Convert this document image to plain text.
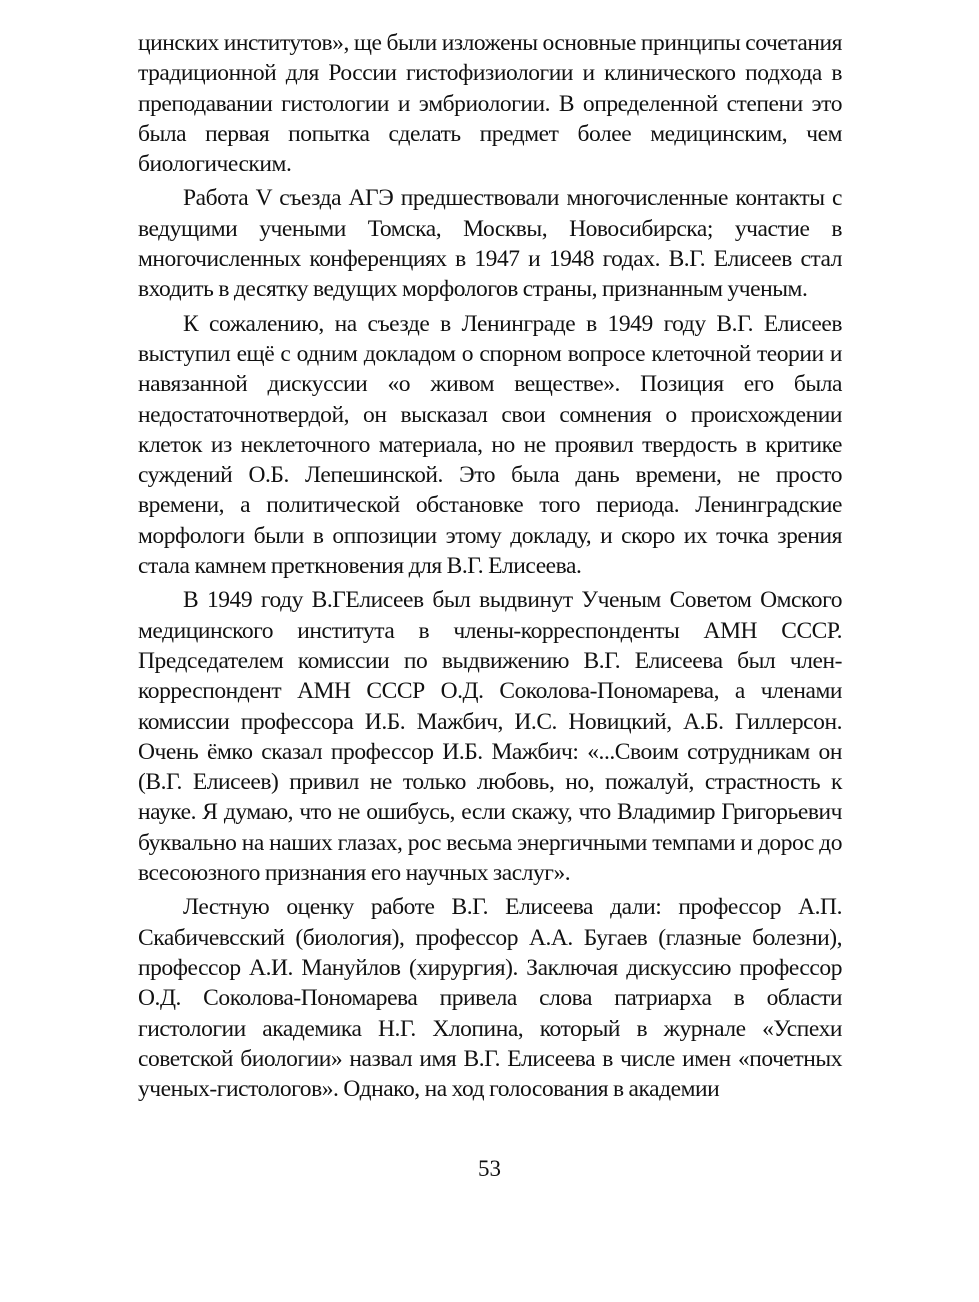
цинских институтов», ще были изложены основные принципы сочетания традиционной для России гистофизиологии и клинического подхода в преподавании гистологии и эмбриологии. В определенной степени это была первая попытка сделать предмет более медицинским, чем биологическим.

Работа V съезда АГЭ предшествовали многочисленные контакты с ведущими учеными Томска, Москвы, Новосибирска; участие в многочисленных конференциях в 1947 и 1948 годах. В.Г. Елисеев стал входить в десятку ведущих морфологов страны, признанным ученым.

К сожалению, на съезде в Ленинграде в 1949 году В.Г. Елисеев выступил ещё с одним докладом о спорном вопросе клеточной теории и навязанной дискуссии «о живом веществе». Позиция его была недостаточнотвердой, он высказал свои сомнения о происхождении клеток из неклеточного материала, но не проявил твердость в критике суждений О.Б. Лепешинской. Это была дань времени, не просто времени, а политической обстановке того периода. Ленинградские морфологи были в оппозиции этому докладу, и скоро их точка зрения стала камнем преткновения для В.Г. Елисеева.

В 1949 году В.ГЕлисеев был выдвинут Ученым Советом Омского медицинского института в члены-корреспонденты АМН СССР. Председателем комиссии по выдвижению В.Г. Елисеева был член-корреспондент АМН СССР О.Д. Соколова-Пономарева, а членами комиссии профессора И.Б. Мажбич, И.С. Новицкий, А.Б. Гиллерсон. Очень ёмко сказал профессор И.Б. Мажбич: «...Своим сотрудникам он (В.Г. Елисеев) привил не только любовь, но, пожалуй, страстность к науке. Я думаю, что не ошибусь, если скажу, что Владимир Григорьевич буквально на наших глазах, рос весьма энергичными темпами и дорос до всесоюзного признания его научных заслуг».

Лестную оценку работе В.Г. Елисеева дали: профессор А.П. Скабичевсский (биология), профессор А.А. Бугаев (глазные болезни), профессор А.И. Мануйлов (хирургия). Заключая дискуссию профессор О.Д. Соколова-Пономарева привела слова патриарха в области гистологии академика Н.Г. Хлопина, который в журнале «Успехи советской биологии» назвал имя В.Г. Елисеева в числе имен «почетных ученых-гистологов». Однако, на ход голосования в академии

53
